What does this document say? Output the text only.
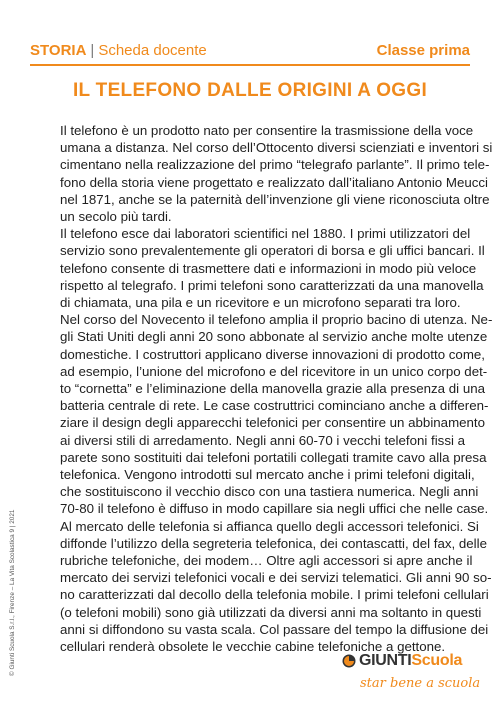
STORIA | Scheda docente	Classe prima
IL TELEFONO DALLE ORIGINI A OGGI
Il telefono è un prodotto nato per consentire la trasmissione della voce
umana a distanza. Nel corso dell’Ottocento diversi scienziati e inventori si
cimentano nella realizzazione del primo “telegrafo parlante”. Il primo tele-
fono della storia viene progettato e realizzato dall’italiano Antonio Meucci
nel 1871, anche se la paternità dell’invenzione gli viene riconosciuta oltre
un secolo più tardi.
Il telefono esce dai laboratori scientifici nel 1880. I primi utilizzatori del
servizio sono prevalentemente gli operatori di borsa e gli uffici bancari. Il
telefono consente di trasmettere dati e informazioni in modo più veloce
rispetto al telegrafo. I primi telefoni sono caratterizzati da una manovella
di chiamata, una pila e un ricevitore e un microfono separati tra loro.
Nel corso del Novecento il telefono amplia il proprio bacino di utenza. Ne-
gli Stati Uniti degli anni 20 sono abbonate al servizio anche molte utenze
domestiche. I costruttori applicano diverse innovazioni di prodotto come,
ad esempio, l’unione del microfono e del ricevitore in un unico corpo det-
to “cornetta” e l’eliminazione della manovella grazie alla presenza di una
batteria centrale di rete. Le case costruttrici cominciano anche a differen-
ziare il design degli apparecchi telefonici per consentire un abbinamento
ai diversi stili di arredamento. Negli anni 60-70 i vecchi telefoni fissi a
parete sono sostituiti dai telefoni portatili collegati tramite cavo alla presa
telefonica. Vengono introdotti sul mercato anche i primi telefoni digitali,
che sostituiscono il vecchio disco con una tastiera numerica. Negli anni
70-80 il telefono è diffuso in modo capillare sia negli uffici che nelle case.
Al mercato delle telefonia si affianca quello degli accessori telefonici. Si
diffonde l’utilizzo della segreteria telefonica, dei contascatti, del fax, delle
rubriche telefoniche, dei modem… Oltre agli accessori si apre anche il
mercato dei servizi telefonici vocali e dei servizi telematici. Gli anni 90 so-
no caratterizzati dal decollo della telefonia mobile. I primi telefoni cellulari
(o telefoni mobili) sono già utilizzati da diversi anni ma soltanto in questi
anni si diffondono su vasta scala. Col passare del tempo la diffusione dei
cellulari renderà obsolete le vecchie cabine telefoniche a gettone.
© Giunti Scuola S.r.l., Firenze – La Vita Scolastica 9 | 2021	GIUNTIScuola
star bene a scuola
